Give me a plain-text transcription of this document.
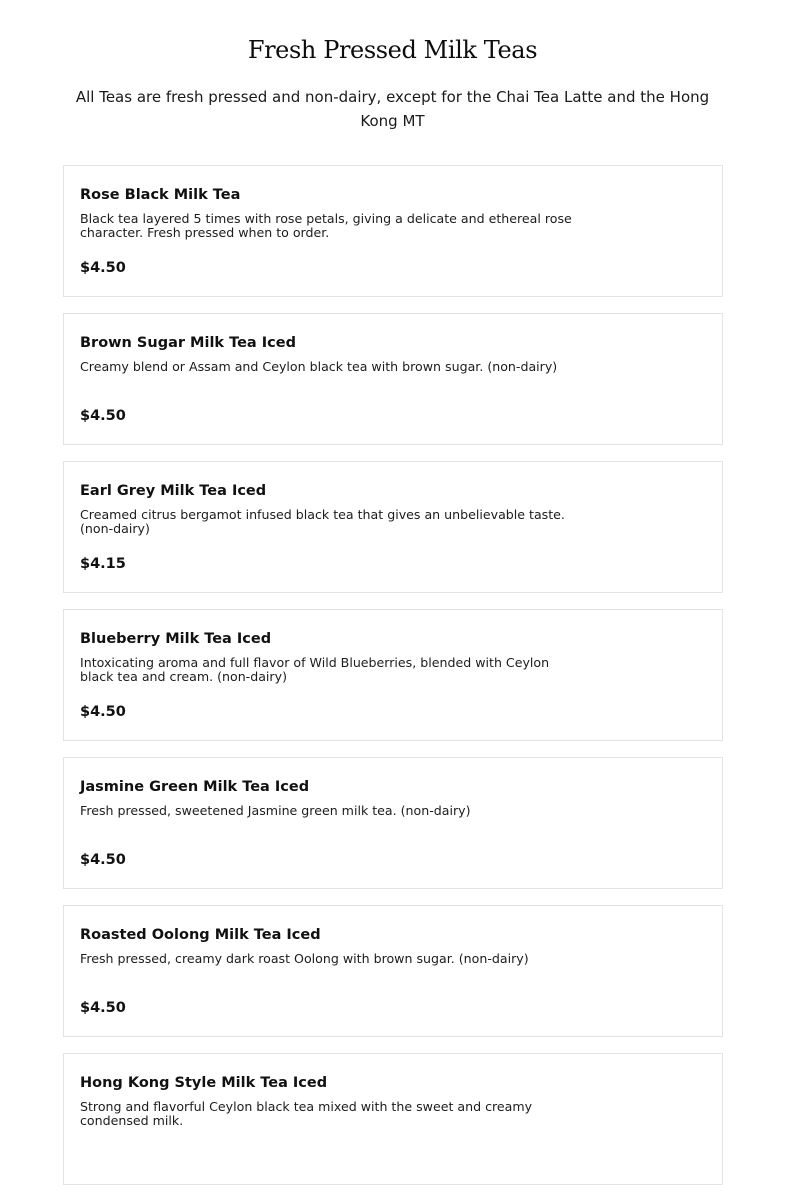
Fresh Pressed Milk Teas

All Teas are fresh pressed and non-dairy, except for the Chai Tea Latte and the Hong Kong MT

Rose Black Milk Tea
Black tea layered 5 times with rose petals, giving a delicate and ethereal rose character. Fresh pressed when to order.
$4.50
Brown Sugar Milk Tea Iced
Creamy blend or Assam and Ceylon black tea with brown sugar. (non-dairy)
$4.50
Earl Grey Milk Tea Iced
Creamed citrus bergamot infused black tea that gives an unbelievable taste. (non-dairy)
$4.15
Blueberry Milk Tea Iced
Intoxicating aroma and full flavor of Wild Blueberries, blended with Ceylon black tea and cream. (non-dairy)
$4.50
Jasmine Green Milk Tea Iced
Fresh pressed, sweetened Jasmine green milk tea. (non-dairy)
$4.50
Roasted Oolong Milk Tea Iced
Fresh pressed, creamy dark roast Oolong with brown sugar. (non-dairy)
$4.50
Hong Kong Style Milk Tea Iced
Strong and flavorful Ceylon black tea mixed with the sweet and creamy condensed milk.
